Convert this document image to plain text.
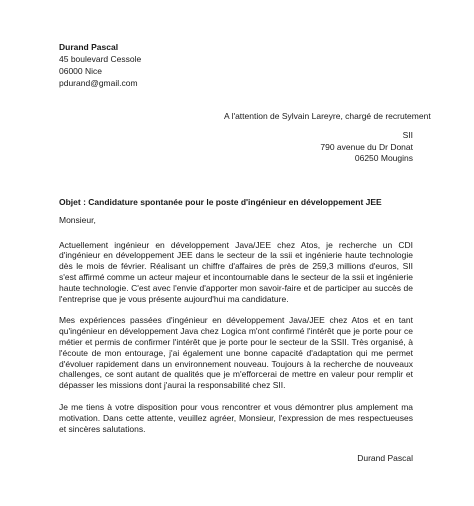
Durand Pascal
45 boulevard Cessole
06000 Nice
pdurand@gmail.com
A l'attention de Sylvain Lareyre, chargé de recrutement
SII
790 avenue du Dr Donat
06250 Mougins

Objet : Candidature spontanée pour le poste d'ingénieur en développement JEE

Monsieur,

Actuellement ingénieur en développement Java/JEE chez Atos, je recherche un CDI d'ingénieur en développement JEE dans le secteur de la ssii et ingénierie haute technologie dès le mois de février. Réalisant un chiffre d'affaires de près de 259,3 millions d'euros, SII s'est affirmé comme un acteur majeur et incontournable dans le secteur de la ssii et ingénierie haute technologie. C'est avec l'envie d'apporter mon savoir-faire et de participer au succès de l'entreprise que je vous présente aujourd'hui ma candidature.

Mes expériences passées d'ingénieur en développement Java/JEE chez Atos et en tant qu'ingénieur en développement Java chez Logica m'ont confirmé l'intérêt que je porte pour ce métier et permis de confirmer l'intérêt que je porte pour le secteur de la SSII. Très organisé, à l'écoute de mon entourage, j'ai également une bonne capacité d'adaptation qui me permet d'évoluer rapidement dans un environnement nouveau. Toujours à la recherche de nouveaux challenges, ce sont autant de qualités que je m'efforcerai de mettre en valeur pour remplir et dépasser les missions dont j'aurai la responsabilité chez SII.

Je me tiens à votre disposition pour vous rencontrer et vous démontrer plus amplement ma motivation. Dans cette attente, veuillez agréer, Monsieur, l'expression de mes respectueuses et sincères salutations.

Durand Pascal
